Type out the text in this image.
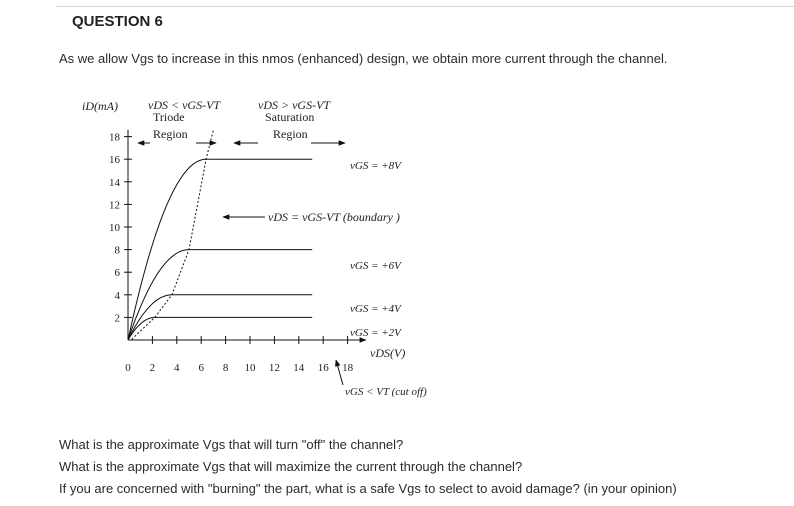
QUESTION 6
As we allow Vgs to increase in this nmos (enhanced) design, we obtain more current through the channel.
2
4
6
8
10
12
14
16
18
0 2 4 6 8 10 12 14 16 18
vGS = +8V
vGS = +6V
vGS = +4V
vGS = +2V
iD(mA)
vDS(V)
vDS < vGS-VT
Triode
Region
vDS > vGS-VT
Saturation
Region
vDS = vGS-VT (boundary )
vGS < VT (cut off)
What is the approximate Vgs that will turn "off" the channel?
What is the approximate Vgs that will maximize the current through the channel?
If you are concerned with "burning" the part, what is a safe Vgs to select to avoid damage? (in your opinion)
